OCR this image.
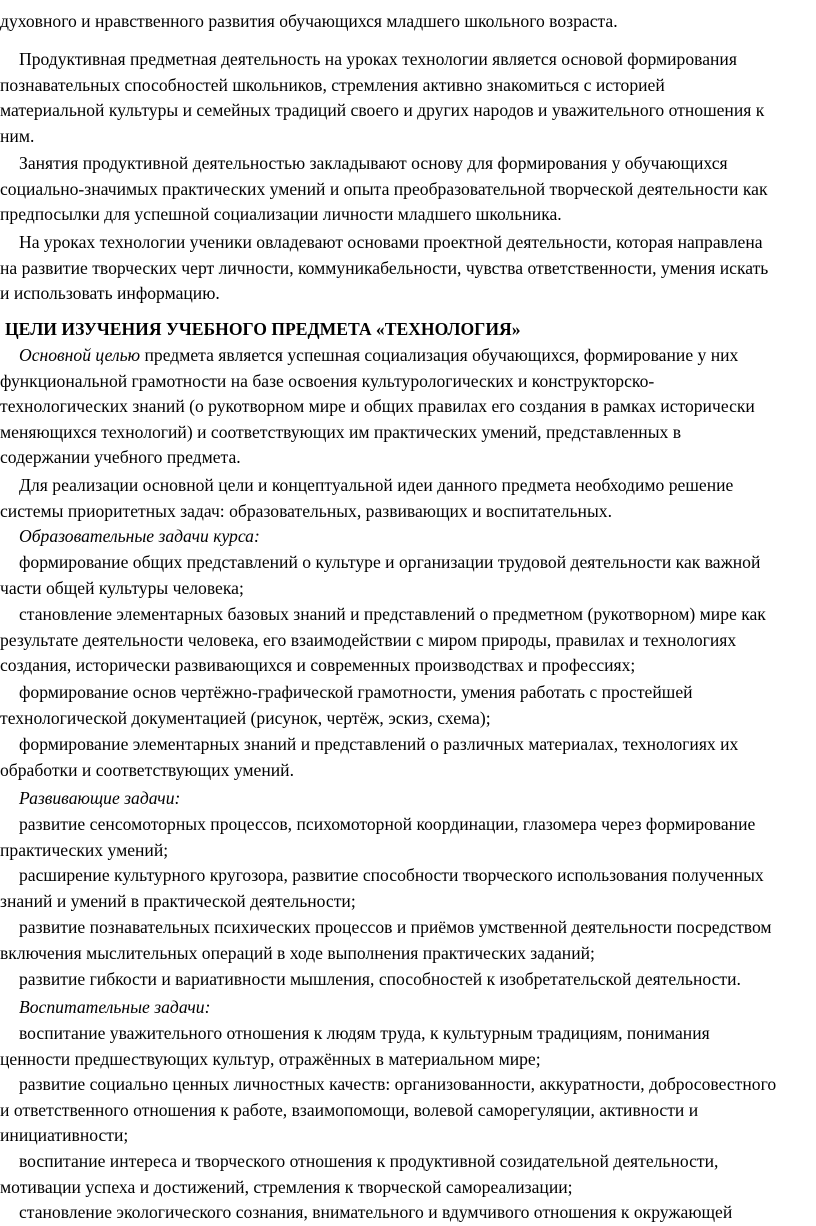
духовного и нравственного развития обучающихся младшего школьного возраста.

Продуктивная предметная деятельность на уроках технологии является основой формирования
познавательных способностей школьников, стремления активно знакомиться с историей
материальной культуры и семейных традиций своего и других народов и уважительного отношения к
ним.

Занятия продуктивной деятельностью закладывают основу для формирования у обучающихся
социально-значимых практических умений и опыта преобразовательной творческой деятельности как
предпосылки для успешной социализации личности младшего школьника.

На уроках технологии ученики овладевают основами проектной деятельности, которая направлена
на развитие творческих черт личности, коммуникабельности, чувства ответственности, умения искать
и использовать информацию.

ЦЕЛИ ИЗУЧЕНИЯ УЧЕБНОГО ПРЕДМЕТА «ТЕХНОЛОГИЯ»

Основной целью предмета является успешная социализация обучающихся, формирование у них
функциональной грамотности на базе освоения культурологических и конструкторско-
технологических знаний (о рукотворном мире и общих правилах его создания в рамках исторически
меняющихся технологий) и соответствующих им практических умений, представленных в
содержании учебного предмета.

Для реализации основной цели и концептуальной идеи данного предмета необходимо решение
системы приоритетных задач: образовательных, развивающих и воспитательных.

Образовательные задачи курса:

формирование общих представлений о культуре и организации трудовой деятельности как важной
части общей культуры человека;

становление элементарных базовых знаний и представлений о предметном (рукотворном) мире как
результате деятельности человека, его взаимодействии с миром природы, правилах и технологиях
создания, исторически развивающихся и современных производствах и профессиях;

формирование основ чертёжно-графической грамотности, умения работать с простейшей
технологической документацией (рисунок, чертёж, эскиз, схема);

формирование элементарных знаний и представлений о различных материалах, технологиях их
обработки и соответствующих умений.

Развивающие задачи:

развитие сенсомоторных процессов, психомоторной координации, глазомера через формирование
практических умений;

расширение культурного кругозора, развитие способности творческого использования полученных
знаний и умений в практической деятельности;

развитие познавательных психических процессов и приёмов умственной деятельности посредством
включения мыслительных операций в ходе выполнения практических заданий;

развитие гибкости и вариативности мышления, способностей к изобретательской деятельности.

Воспитательные задачи:

воспитание уважительного отношения к людям труда, к культурным традициям, понимания
ценности предшествующих культур, отражённых в материальном мире;

развитие социально ценных личностных качеств: организованности, аккуратности, добросовестного
и ответственного отношения к работе, взаимопомощи, волевой саморегуляции, активности и
инициативности;

воспитание интереса и творческого отношения к продуктивной созидательной деятельности,
мотивации успеха и достижений, стремления к творческой самореализации;

становление экологического сознания, внимательного и вдумчивого отношения к окружающей
